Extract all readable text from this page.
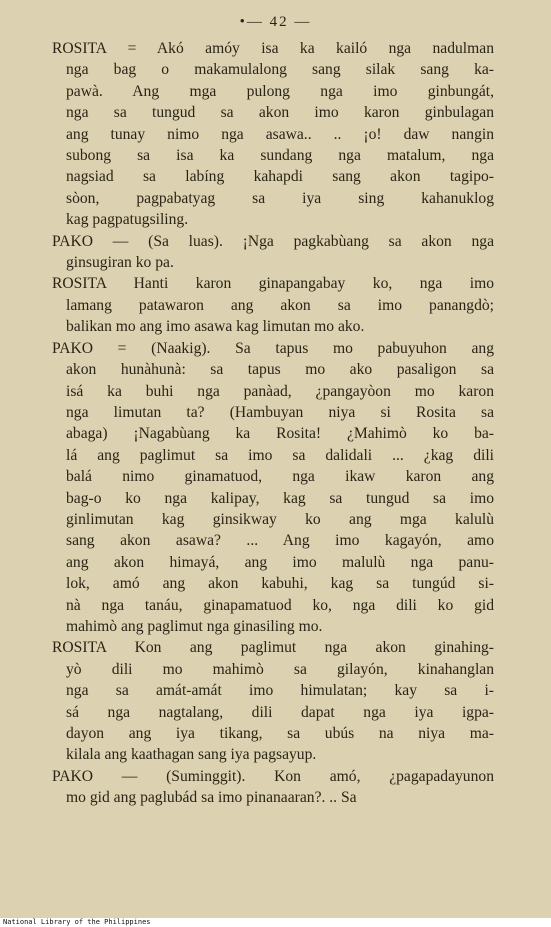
•— 42 —
ROSITA = Akó amóy isa ka kailó nga nadulman
nga bag o makamulalong sang silak sang ka-
pawà. Ang mga pulong nga imo ginbungát,
nga sa tungud sa akon imo karon ginbulagan
ang tunay nimo nga asawa.. .. ¡o! daw nangin
subong sa isa ka sundang nga matalum, nga
nagsiad sa labíng kahapdi sang akon tagipo-
sòon, pagpabatyag sa iya sing kahanuklog
kag pagpatugsiling.
PAKO — (Sa luas). ¡Nga pagkabùang sa akon nga
ginsugiran ko pa.
ROSITA Hanti karon ginapangabay ko, nga imo
lamang patawaron ang akon sa imo panangdò;
balikan mo ang imo asawa kag limutan mo ako.
PAKO = (Naakig). Sa tapus mo pabuyuhon ang
akon hunàhunà: sa tapus mo ako pasaligon sa
isá ka buhi nga panàad, ¿pangayòon mo karon
nga limutan ta? (Hambuyan niya si Rosita sa
abaga) ¡Nagabùang ka Rosita! ¿Mahimò ko ba-
lá ang paglimut sa imo sa dalidali ... ¿kag dili
balá nimo ginamatuod, nga ikaw karon ang
bag-o ko nga kalipay, kag sa tungud sa imo
ginlimutan kag ginsikway ko ang mga kalulù
sang akon asawa? ... Ang imo kagayón, amo
ang akon himayá, ang imo malulù nga panu-
lok, amó ang akon kabuhi, kag sa tungúd si-
nà nga tanáu, ginapamatuod ko, nga dili ko gid
mahimò ang paglimut nga ginasiling mo.
ROSITA Kon ang paglimut nga akon ginahing-
yò dili mo mahimò sa gilayón, kinahanglan
nga sa amát-amát imo himulatan; kay sa i-
sá nga nagtalang, dili dapat nga iya igpa-
dayon ang iya tikang, sa ubús na niya ma-
kilala ang kaathagan sang iya pagsayup.
PAKO — (Suminggit). Kon amó, ¿pagapadayunon
mo gid ang paglubád sa imo pinanaaran?. .. Sa
National Library of the Philippines
